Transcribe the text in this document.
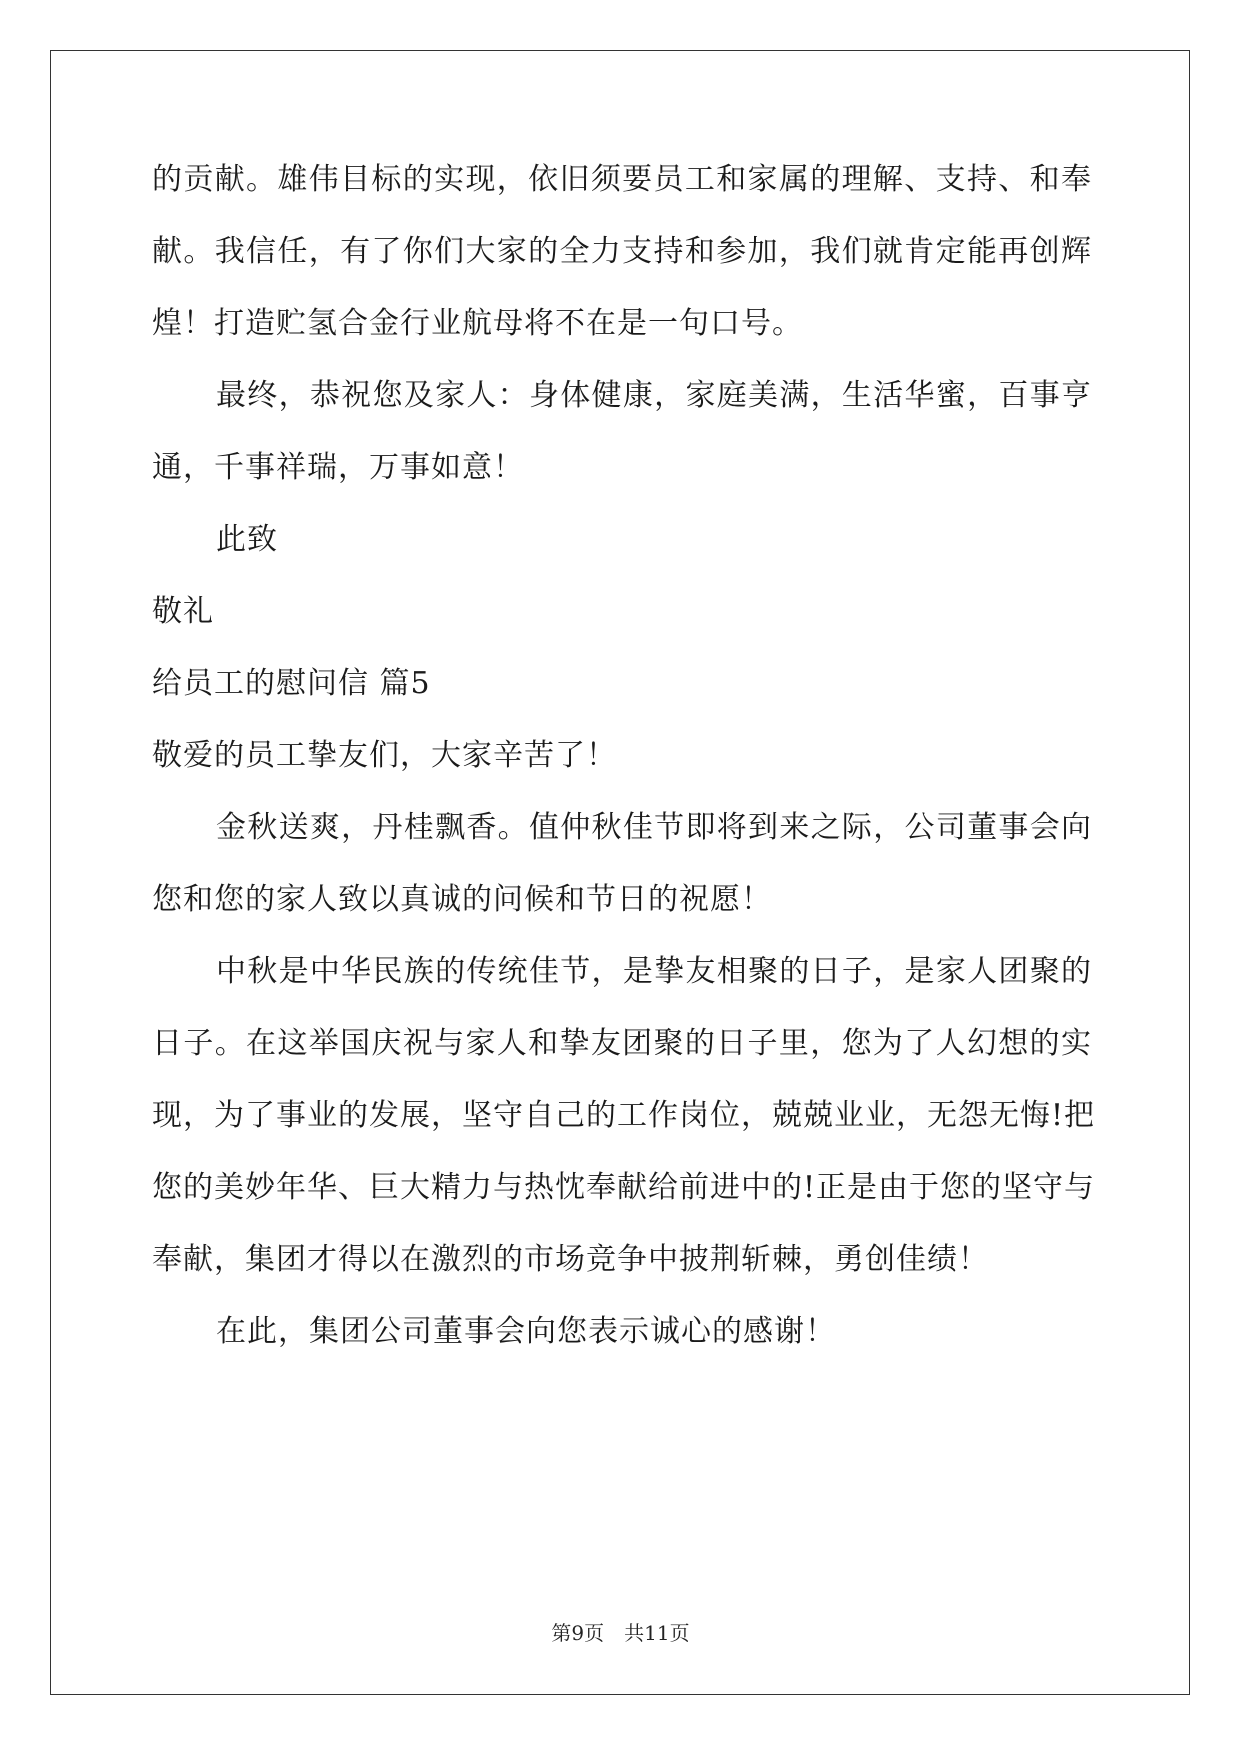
的贡献。雄伟目标的实现，依旧须要员工和家属的理解、支持、和奉
献。我信任，有了你们大家的全力支持和参加，我们就肯定能再创辉
煌！打造贮氢合金行业航母将不在是一句口号。
最终，恭祝您及家人：身体健康，家庭美满，生活华蜜，百事亨
通，千事祥瑞，万事如意！
此致
敬礼
给员工的慰问信 篇5
敬爱的员工挚友们，大家辛苦了！
金秋送爽，丹桂飘香。值仲秋佳节即将到来之际，公司董事会向
您和您的家人致以真诚的问候和节日的祝愿！
中秋是中华民族的传统佳节，是挚友相聚的日子，是家人团聚的
日子。在这举国庆祝与家人和挚友团聚的日子里，您为了人幻想的实
现，为了事业的发展，坚守自己的工作岗位，兢兢业业，无怨无悔!把
您的美妙年华、巨大精力与热忱奉献给前进中的!正是由于您的坚守与
奉献，集团才得以在激烈的市场竞争中披荆斩棘，勇创佳绩！
在此，集团公司董事会向您表示诚心的感谢！
第9页　共11页
